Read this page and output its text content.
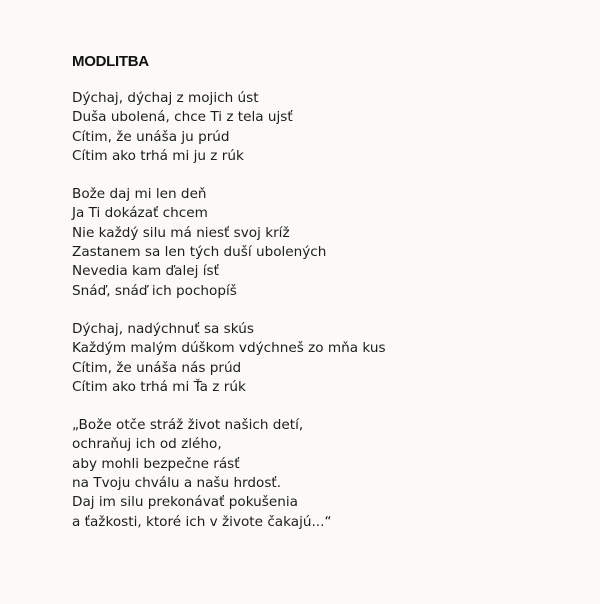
MODLITBA
Dýchaj, dýchaj z mojich úst
Duša ubolená, chce Ti z tela ujsť
Cítim, že unáša ju prúd
Cítim ako trhá mi ju z rúk
Bože daj mi len deň
Ja Ti dokázať chcem
Nie každý silu má niesť svoj kríž
Zastanem sa len tých duší ubolených
Nevedia kam ďalej ísť
Snáď, snáď ich pochopíš
Dýchaj, nadýchnuť sa skús
Každým malým dúškom vdýchneš zo mňa kus
Cítim, že unáša nás prúd
Cítim ako trhá mi Ťa z rúk
„Bože otče stráž život našich detí,
ochraňuj ich od zlého,
aby mohli bezpečne rásť
na Tvoju chválu a našu hrdosť.
Daj im silu prekonávať pokušenia
a ťažkosti, ktoré ich v živote čakajú...“
